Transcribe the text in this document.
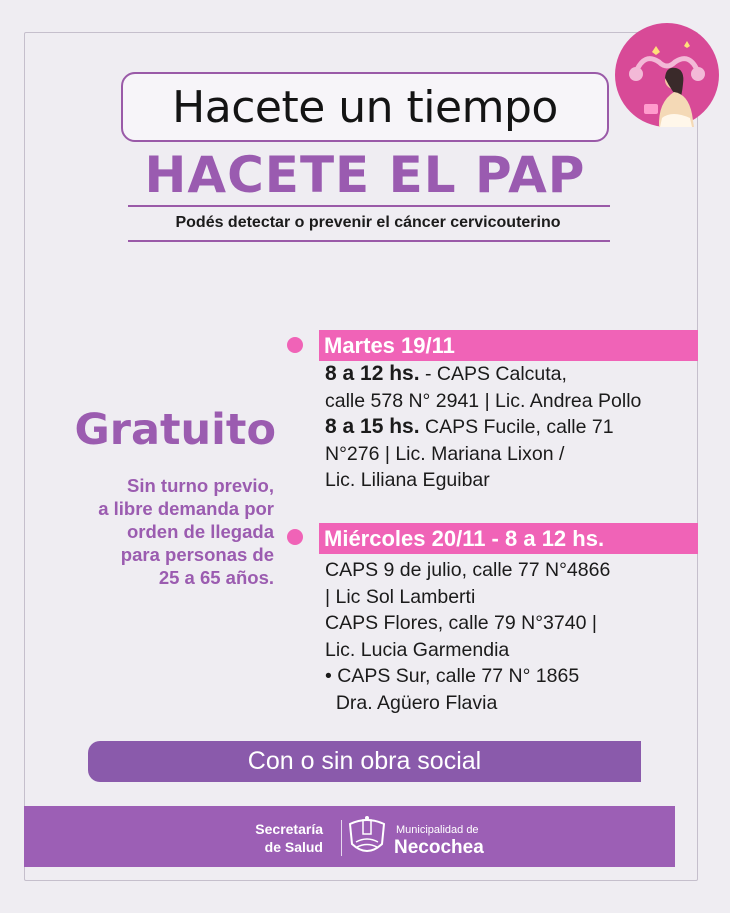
Hacete un tiempo
HACETE EL PAP
Podés detectar o prevenir el cáncer cervicouterino
Gratuito
Sin turno previo,
a libre demanda por
orden de llegada
para personas de
25 a 65 años.
Martes 19/11
8 a 12 hs. - CAPS Calcuta,
calle 578 N° 2941 | Lic. Andrea Pollo
8 a 15 hs. CAPS Fucile, calle 71
N°276 | Lic. Mariana Lixon /
Lic. Liliana Eguibar
Miércoles 20/11 - 8 a 12 hs.
CAPS 9 de julio, calle 77 N°4866
| Lic Sol Lamberti
CAPS Flores, calle 79 N°3740 |
Lic. Lucia Garmendia
• CAPS Sur, calle 77 N° 1865
Dra. Agüero Flavia
Con o sin obra social
Secretaría
de Salud
Municipalidad de
Necochea
